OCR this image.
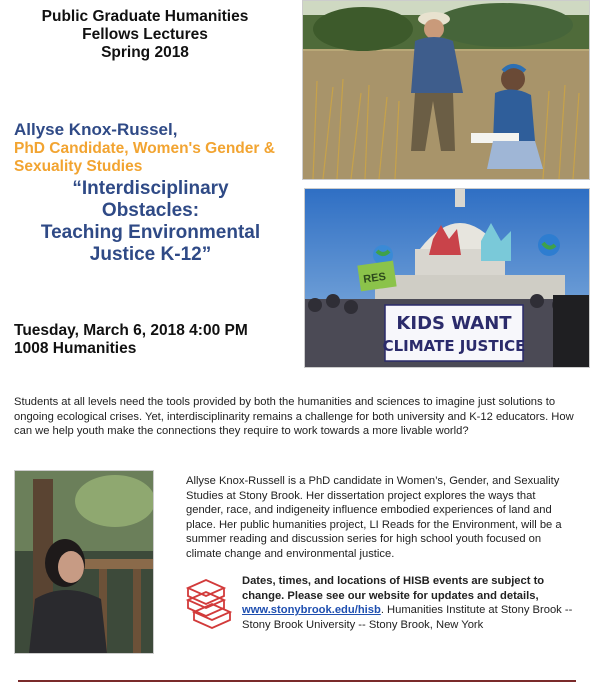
Public Graduate Humanities
Fellows Lectures
Spring 2018
Allyse Knox-Russel,
PhD Candidate, Women's Gender &
Sexuality Studies
“Interdisciplinary
Obstacles:
Teaching Environmental
Justice K-12”
Tuesday, March 6, 2018 4:00 PM
1008 Humanities
RES
KIDS WANT
CLIMATE JUSTICE
Students at all levels need the tools provided by both the humanities and sciences to imagine just solutions to ongoing ecological crises. Yet, interdisciplinarity remains a challenge for both university and K-12 educators. How can we help youth make the connections they require to work towards a more livable world?
Allyse Knox-Russell is a PhD candidate in Women’s, Gender, and Sexuality Studies at Stony Brook. Her dissertation project explores the ways that gender, race, and indigeneity influence embodied experiences of land and place. Her public humanities project, LI Reads for the Environment, will be a summer reading and discussion series for high school youth focused on climate change and environmental justice.
Dates, times, and locations of HISB events are subject to change. Please see our website for updates and details, www.stonybrook.edu/hisb. Humanities Institute at Stony Brook -- Stony Brook University -- Stony Brook, New York
